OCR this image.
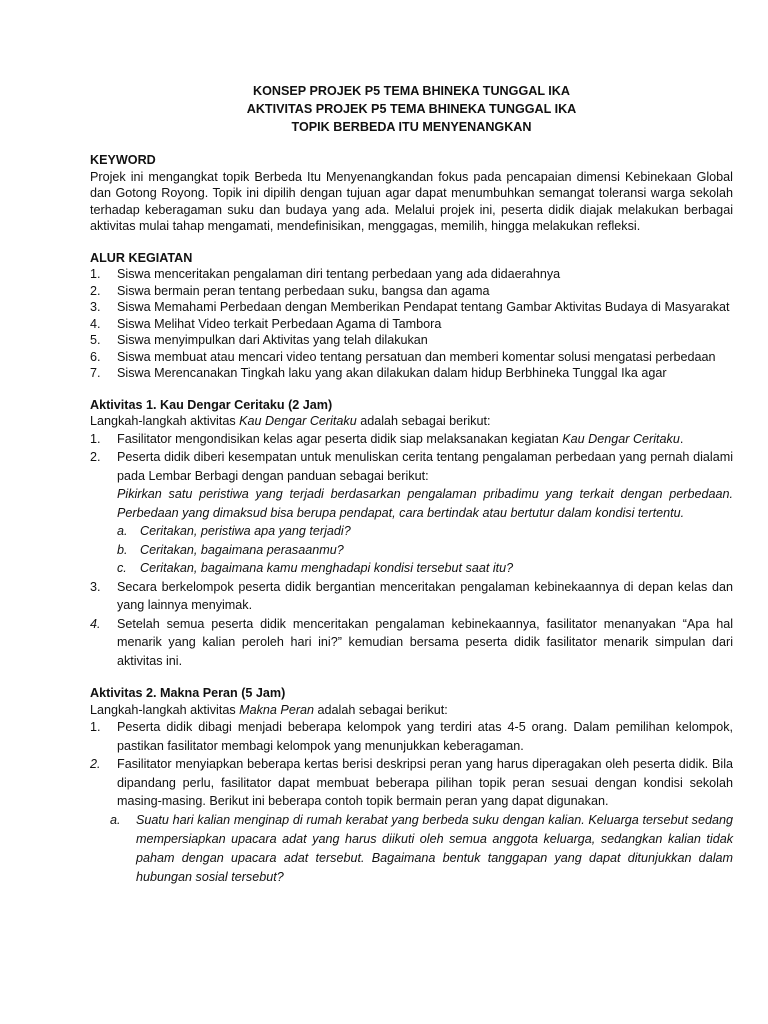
KONSEP PROJEK P5 TEMA BHINEKA TUNGGAL IKA
AKTIVITAS PROJEK P5 TEMA BHINEKA TUNGGAL IKA
TOPIK BERBEDA ITU MENYENANGKAN
KEYWORD
Projek ini mengangkat topik Berbeda Itu Menyenangkandan fokus pada pencapaian dimensi Kebinekaan Global dan Gotong Royong. Topik ini dipilih dengan tujuan agar dapat menumbuhkan semangat toleransi warga sekolah terhadap keberagaman suku dan budaya yang ada. Melalui projek ini, peserta didik diajak melakukan berbagai aktivitas mulai tahap mengamati, mendefinisikan, menggagas, memilih, hingga melakukan refleksi.
ALUR KEGIATAN
1. Siswa menceritakan pengalaman diri tentang perbedaan yang ada didaerahnya
2. Siswa bermain peran tentang perbedaan suku, bangsa dan agama
3. Siswa Memahami Perbedaan dengan Memberikan Pendapat tentang Gambar Aktivitas Budaya di Masyarakat
4. Siswa Melihat Video terkait Perbedaan Agama di Tambora
5. Siswa menyimpulkan dari Aktivitas yang telah dilakukan
6. Siswa membuat atau mencari video tentang persatuan dan memberi komentar solusi mengatasi perbedaan
7. Siswa Merencanakan Tingkah laku yang akan dilakukan dalam hidup Berbhineka Tunggal Ika agar
Aktivitas 1. Kau Dengar Ceritaku (2 Jam)
Langkah-langkah aktivitas Kau Dengar Ceritaku adalah sebagai berikut:
1. Fasilitator mengondisikan kelas agar peserta didik siap melaksanakan kegiatan Kau Dengar Ceritaku.
2. Peserta didik diberi kesempatan untuk menuliskan cerita tentang pengalaman perbedaan yang pernah dialami pada Lembar Berbagi dengan panduan sebagai berikut:
Pikirkan satu peristiwa yang terjadi berdasarkan pengalaman pribadimu yang terkait dengan perbedaan. Perbedaan yang dimaksud bisa berupa pendapat, cara bertindak atau bertutur dalam kondisi tertentu.
a. Ceritakan, peristiwa apa yang terjadi?
b. Ceritakan, bagaimana perasaanmu?
c. Ceritakan, bagaimana kamu menghadapi kondisi tersebut saat itu?
3. Secara berkelompok peserta didik bergantian menceritakan pengalaman kebinekaannya di depan kelas dan yang lainnya menyimak.
4. Setelah semua peserta didik menceritakan pengalaman kebinekaannya, fasilitator menanyakan “Apa hal menarik yang kalian peroleh hari ini?” kemudian bersama peserta didik fasilitator menarik simpulan dari aktivitas ini.
Aktivitas 2. Makna Peran (5 Jam)
Langkah-langkah aktivitas Makna Peran adalah sebagai berikut:
1. Peserta didik dibagi menjadi beberapa kelompok yang terdiri atas 4-5 orang. Dalam pemilihan kelompok, pastikan fasilitator membagi kelompok yang menunjukkan keberagaman.
2. Fasilitator menyiapkan beberapa kertas berisi deskripsi peran yang harus diperagakan oleh peserta didik. Bila dipandang perlu, fasilitator dapat membuat beberapa pilihan topik peran sesuai dengan kondisi sekolah masing-masing. Berikut ini beberapa contoh topik bermain peran yang dapat digunakan.
a. Suatu hari kalian menginap di rumah kerabat yang berbeda suku dengan kalian. Keluarga tersebut sedang mempersiapkan upacara adat yang harus diikuti oleh semua anggota keluarga, sedangkan kalian tidak paham dengan upacara adat tersebut. Bagaimana bentuk tanggapan yang dapat ditunjukkan dalam hubungan sosial tersebut?
